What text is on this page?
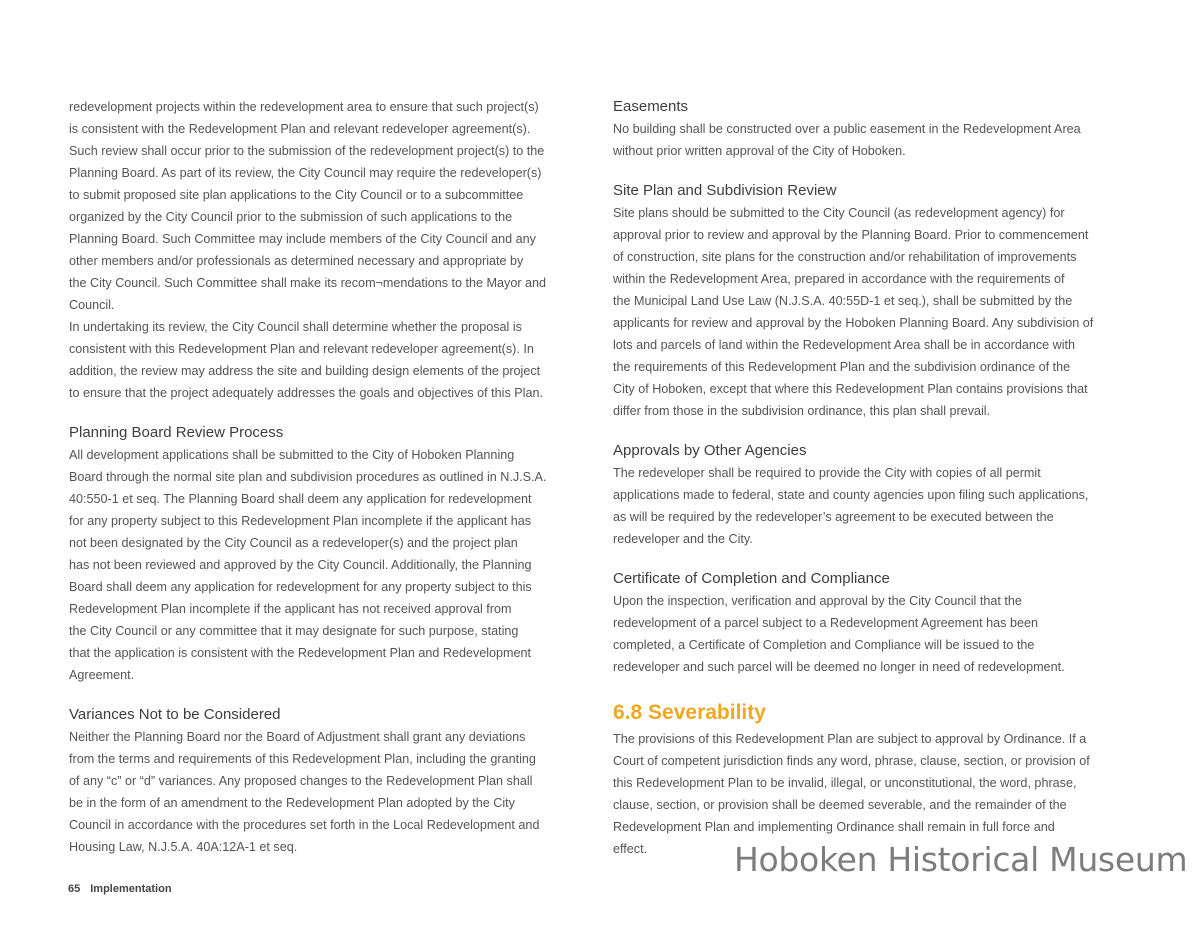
redevelopment projects within the redevelopment area to ensure that such project(s)
is consistent with the Redevelopment Plan and relevant redeveloper agreement(s).
Such review shall occur prior to the submission of the redevelopment project(s) to the
Planning Board. As part of its review, the City Council may require the redeveloper(s)
to submit proposed site plan applications to the City Council or to a subcommittee
organized by the City Council prior to the submission of such applications to the
Planning Board. Such Committee may include members of the City Council and any
other members and/or professionals as determined necessary and appropriate by
the City Council. Such Committee shall make its recom¬mendations to the Mayor and
Council.
In undertaking its review, the City Council shall determine whether the proposal is
consistent with this Redevelopment Plan and relevant redeveloper agreement(s). In
addition, the review may address the site and building design elements of the project
to ensure that the project adequately addresses the goals and objectives of this Plan.
Planning Board Review Process
All development applications shall be submitted to the City of Hoboken Planning
Board through the normal site plan and subdivision procedures as outlined in N.J.S.A.
40:550-1 et seq. The Planning Board shall deem any application for redevelopment
for any property subject to this Redevelopment Plan incomplete if the applicant has
not been designated by the City Council as a redeveloper(s) and the project plan
has not been reviewed and approved by the City Council. Additionally, the Planning
Board shall deem any application for redevelopment for any property subject to this
Redevelopment Plan incomplete if the applicant has not received approval from
the City Council or any committee that it may designate for such purpose, stating
that the application is consistent with the Redevelopment Plan and Redevelopment
Agreement.
Variances Not to be Considered
Neither the Planning Board nor the Board of Adjustment shall grant any deviations
from the terms and requirements of this Redevelopment Plan, including the granting
of any “c” or “d” variances. Any proposed changes to the Redevelopment Plan shall
be in the form of an amendment to the Redevelopment Plan adopted by the City
Council in accordance with the procedures set forth in the Local Redevelopment and
Housing Law, N.J.5.A. 40A:12A-1 et seq.
Easements
No building shall be constructed over a public easement in the Redevelopment Area
without prior written approval of the City of Hoboken.
Site Plan and Subdivision Review
Site plans should be submitted to the City Council (as redevelopment agency) for
approval prior to review and approval by the Planning Board. Prior to commencement
of construction, site plans for the construction and/or rehabilitation of improvements
within the Redevelopment Area, prepared in accordance with the requirements of
the Municipal Land Use Law (N.J.S.A. 40:55D-1 et seq.), shall be submitted by the
applicants for review and approval by the Hoboken Planning Board. Any subdivision of
lots and parcels of land within the Redevelopment Area shall be in accordance with
the requirements of this Redevelopment Plan and the subdivision ordinance of the
City of Hoboken, except that where this Redevelopment Plan contains provisions that
differ from those in the subdivision ordinance, this plan shall prevail.
Approvals by Other Agencies
The redeveloper shall be required to provide the City with copies of all permit
applications made to federal, state and county agencies upon filing such applications,
as will be required by the redeveloper’s agreement to be executed between the
redeveloper and the City.
Certificate of Completion and Compliance
Upon the inspection, verification and approval by the City Council that the
redevelopment of a parcel subject to a Redevelopment Agreement has been
completed, a Certificate of Completion and Compliance will be issued to the
redeveloper and such parcel will be deemed no longer in need of redevelopment.
6.8 Severability
The provisions of this Redevelopment Plan are subject to approval by Ordinance. If a
Court of competent jurisdiction finds any word, phrase, clause, section, or provision of
this Redevelopment Plan to be invalid, illegal, or unconstitutional, the word, phrase,
clause, section, or provision shall be deemed severable, and the remainder of the
Redevelopment Plan and implementing Ordinance shall remain in full force and
effect.
65 Implementation
Hoboken Historical Museum
